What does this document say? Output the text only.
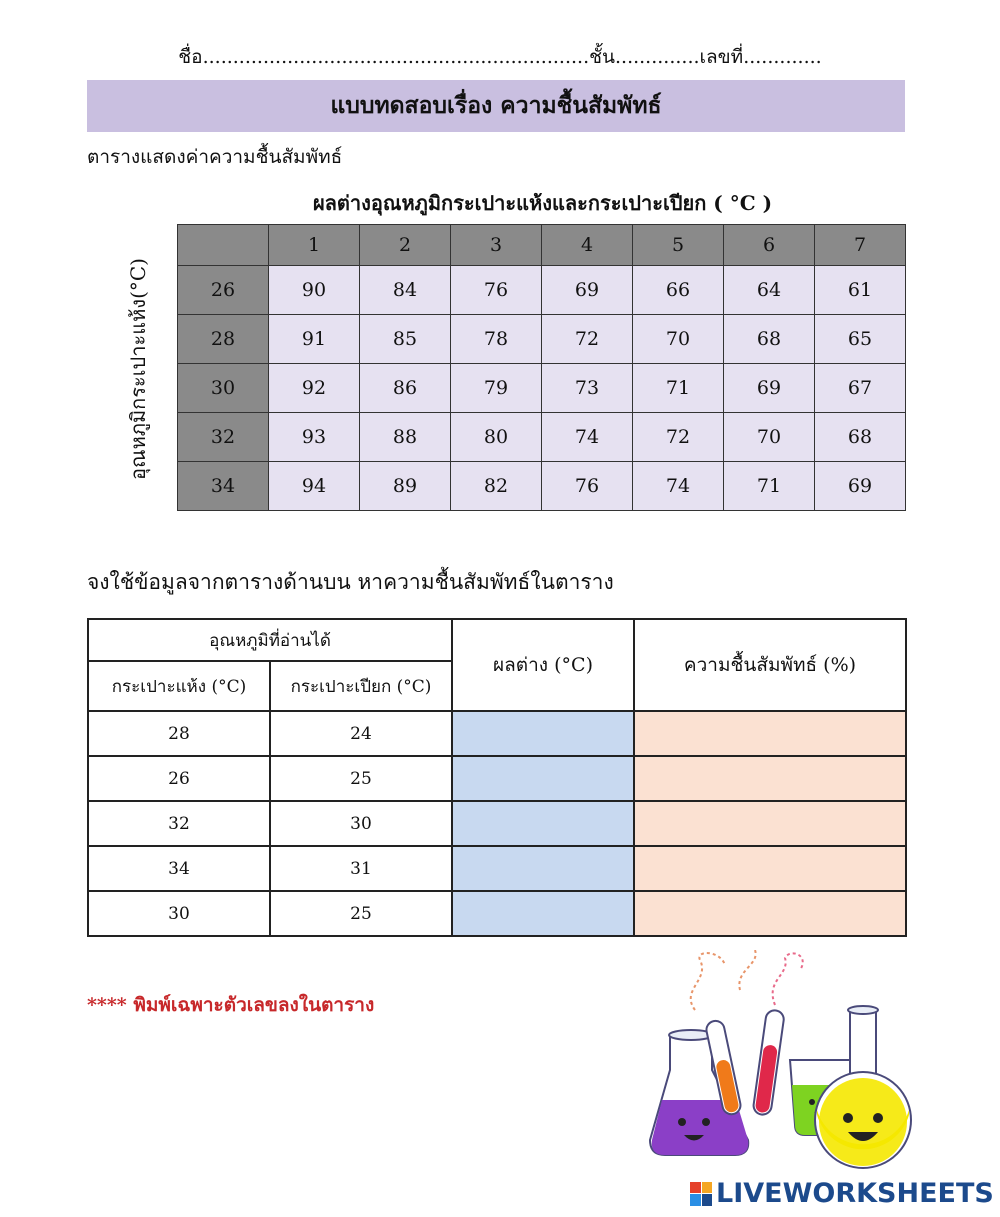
ชื่อ................................................................ชั้น..............เลขที่.............
แบบทดสอบเรื่อง ความชื้นสัมพัทธ์
ตารางแสดงค่าความชื้นสัมพัทธ์
ผลต่างอุณหภูมิกระเปาะแห้งและกระเปาะเปียก ( °C )
อุณหภูมิกระเปาะแห้ง(°C)
	1	2	3	4	5	6	7
26	90	84	76	69	66	64	61
28	91	85	78	72	70	68	65
30	92	86	79	73	71	69	67
32	93	88	80	74	72	70	68
34	94	89	82	76	74	71	69
จงใช้ข้อมูลจากตารางด้านบน หาความชื้นสัมพัทธ์ในตาราง
อุณหภูมิที่อ่านได้		ผลต่าง (°C)	ความชื้นสัมพัทธ์ (%)
กระเปาะแห้ง (°C)	กระเปาะเปียก (°C)		
28	24		
26	25		
32	30		
34	31		
30	25		
**** พิมพ์เฉพาะตัวเลขลงในตาราง
LIVEWORKSHEETS
